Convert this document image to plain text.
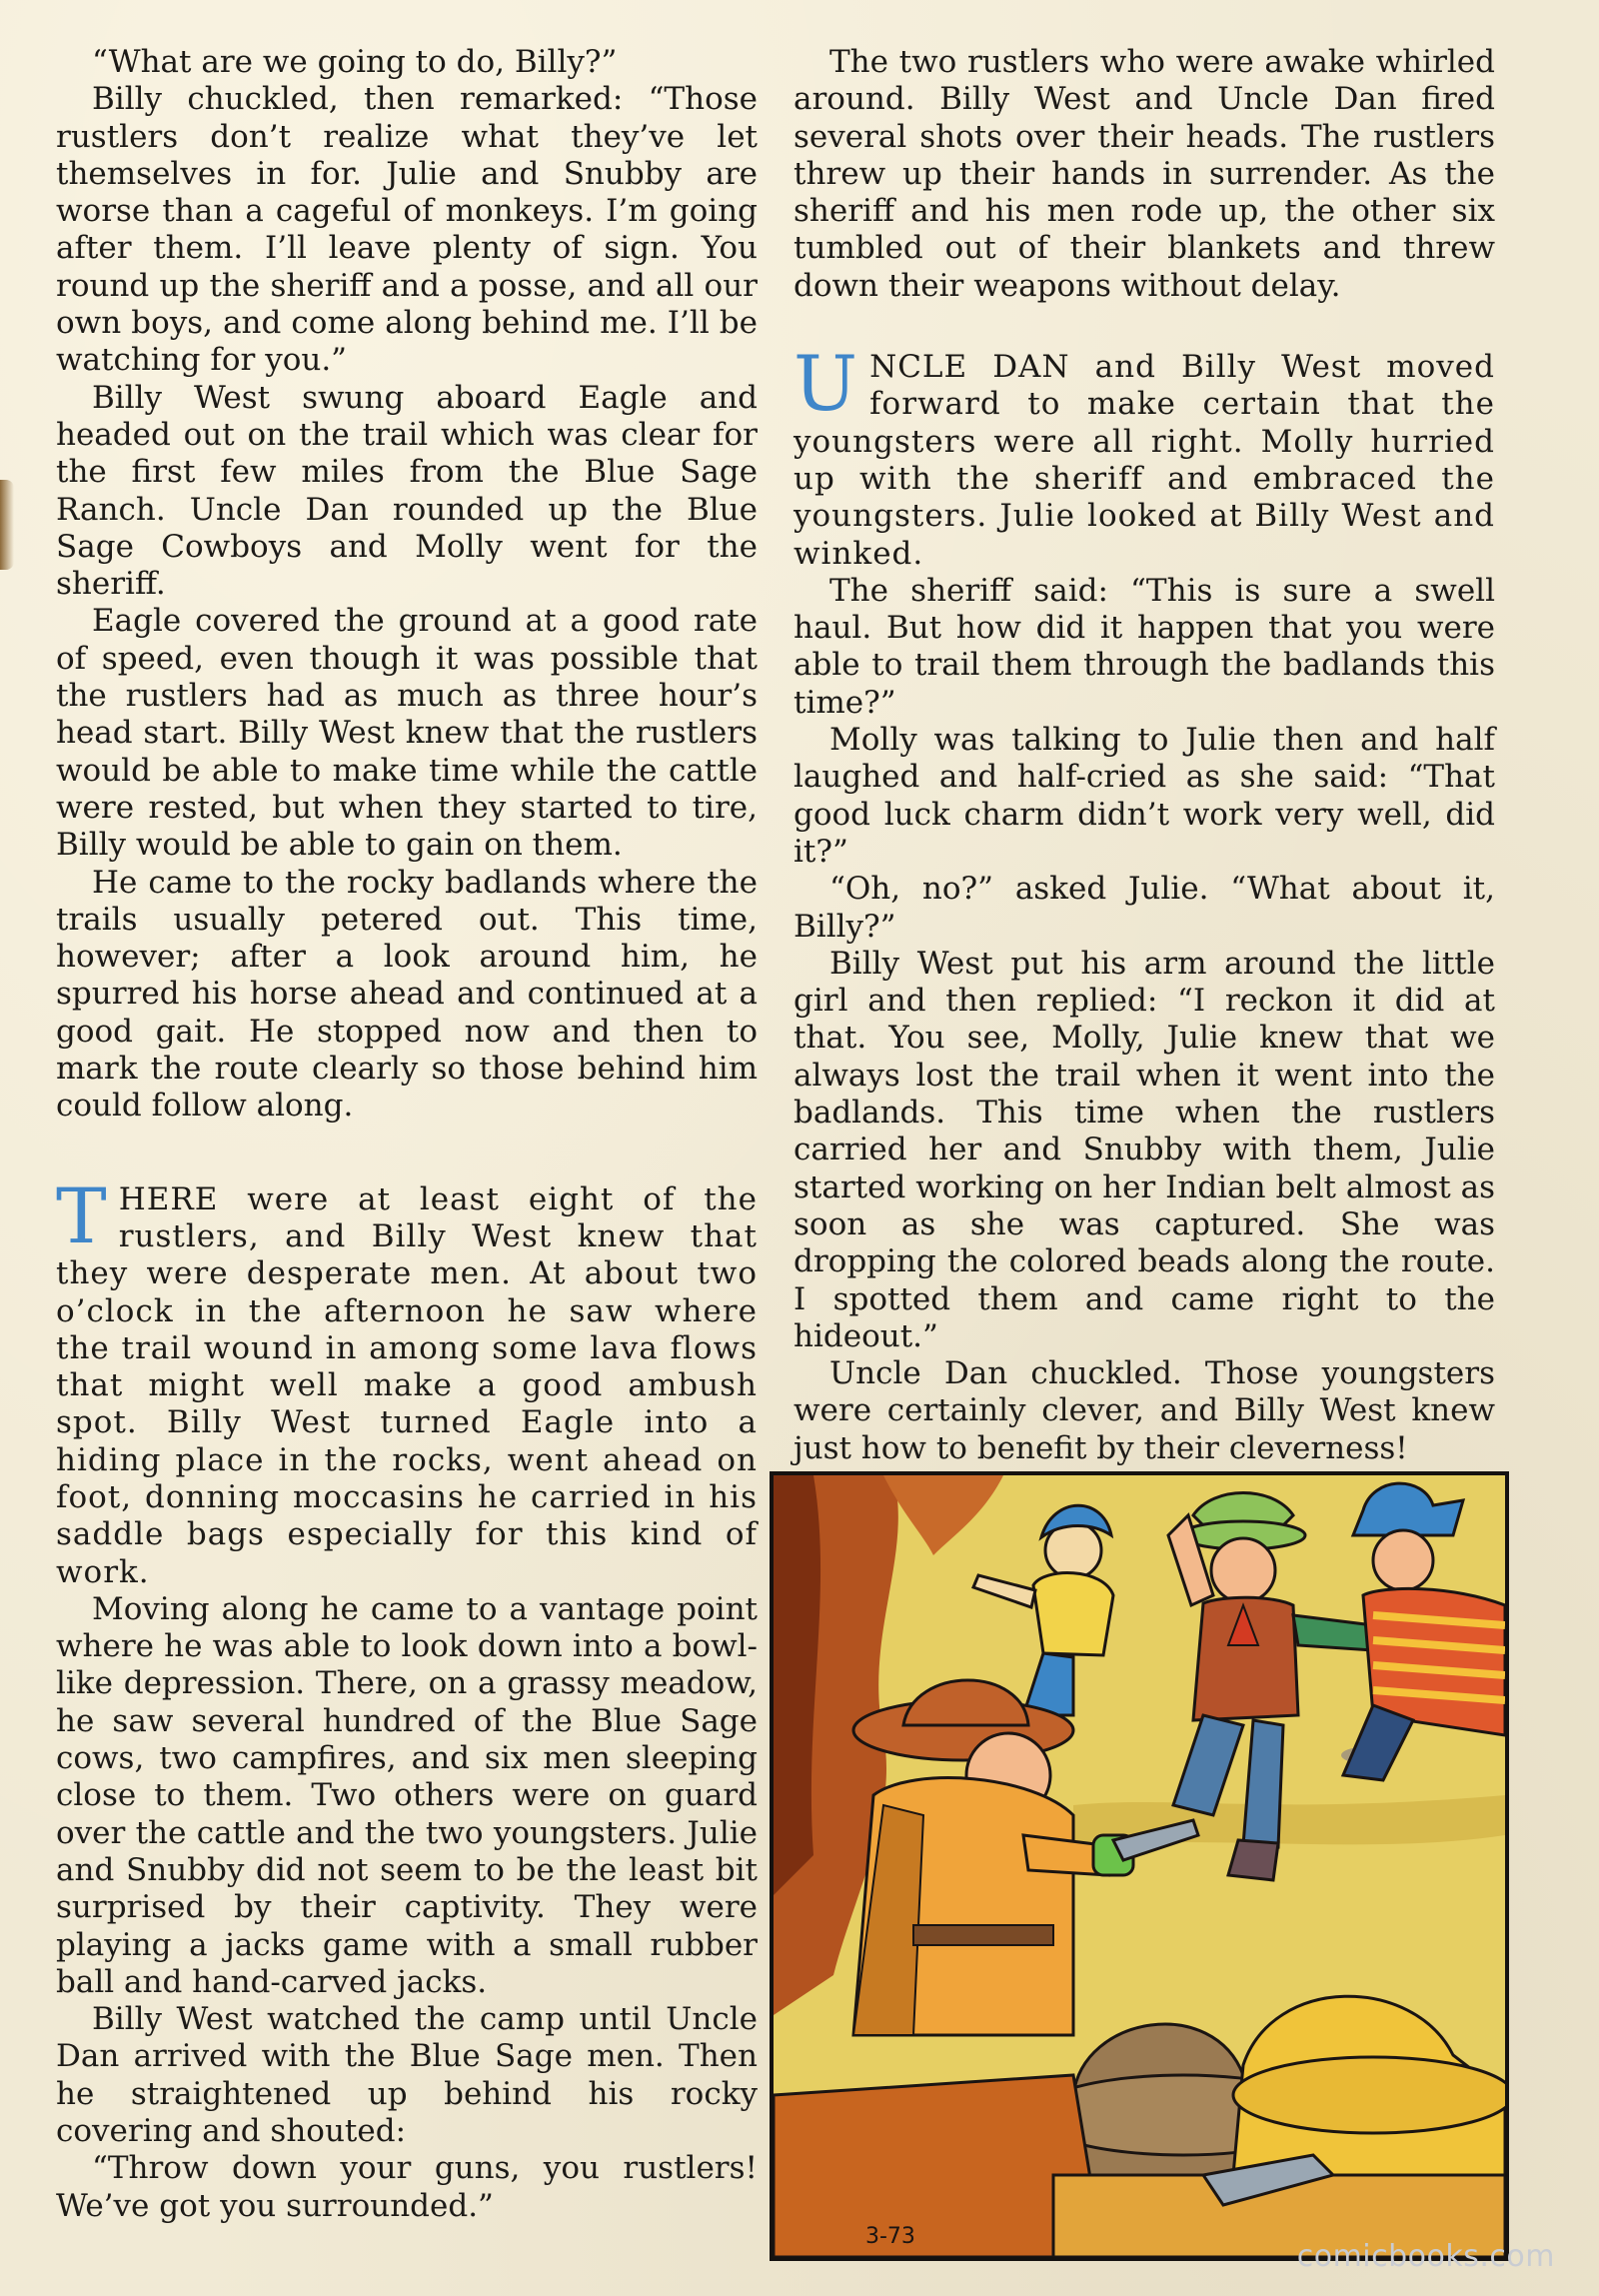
“What are we going to do, Billy?”

Billy chuckled, then remarked: “Those rustlers don’t realize what they’ve let themselves in for. Julie and Snubby are worse than a cageful of monkeys. I’m going after them. I’ll leave plenty of sign. You round up the sheriff and a posse, and all our own boys, and come along behind me. I’ll be watching for you.”

Billy West swung aboard Eagle and headed out on the trail which was clear for the first few miles from the Blue Sage Ranch. Uncle Dan rounded up the Blue Sage Cowboys and Molly went for the sheriff.

Eagle covered the ground at a good rate of speed, even though it was possible that the rustlers had as much as three hour’s head start. Billy West knew that the rustlers would be able to make time while the cattle were rested, but when they started to tire, Billy would be able to gain on them.

He came to the rocky badlands where the trails usually petered out. This time, however; after a look around him, he spurred his horse ahead and continued at a good gait. He stopped now and then to mark the route clearly so those behind him could follow along.

THERE were at least eight of the rustlers, and Billy West knew that they were desperate men. At about two o’clock in the afternoon he saw where the trail wound in among some lava flows that might well make a good ambush spot. Billy West turned Eagle into a hiding place in the rocks, went ahead on foot, donning moccasins he carried in his saddle bags especially for this kind of work.

Moving along he came to a vantage point where he was able to look down into a bowl-like depression. There, on a grassy meadow, he saw several hundred of the Blue Sage cows, two campfires, and six men sleeping close to them. Two others were on guard over the cattle and the two youngsters. Julie and Snubby did not seem to be the least bit surprised by their captivity. They were playing a jacks game with a small rubber ball and hand-carved jacks.

Billy West watched the camp until Uncle Dan arrived with the Blue Sage men. Then he straightened up behind his rocky covering and shouted:

“Throw down your guns, you rustlers! We’ve got you surrounded.”

The two rustlers who were awake whirled around. Billy West and Uncle Dan fired several shots over their heads. The rustlers threw up their hands in surrender. As the sheriff and his men rode up, the other six tumbled out of their blankets and threw down their weapons without delay.

UNCLE DAN and Billy West moved forward to make certain that the youngsters were all right. Molly hurried up with the sheriff and embraced the youngsters. Julie looked at Billy West and winked.

The sheriff said: “This is sure a swell haul. But how did it happen that you were able to trail them through the badlands this time?”

Molly was talking to Julie then and half laughed and half-cried as she said: “That good luck charm didn’t work very well, did it?”

“Oh, no?” asked Julie. “What about it, Billy?”

Billy West put his arm around the little girl and then replied: “I reckon it did at that. You see, Molly, Julie knew that we always lost the trail when it went into the badlands. This time when the rustlers carried her and Snubby with them, Julie started working on her Indian belt almost as soon as she was captured. She was dropping the colored beads along the route. I spotted them and came right to the hideout.”

Uncle Dan chuckled. Those youngsters were certainly clever, and Billy West knew just how to benefit by their cleverness!

3-73
comicbooks.com
